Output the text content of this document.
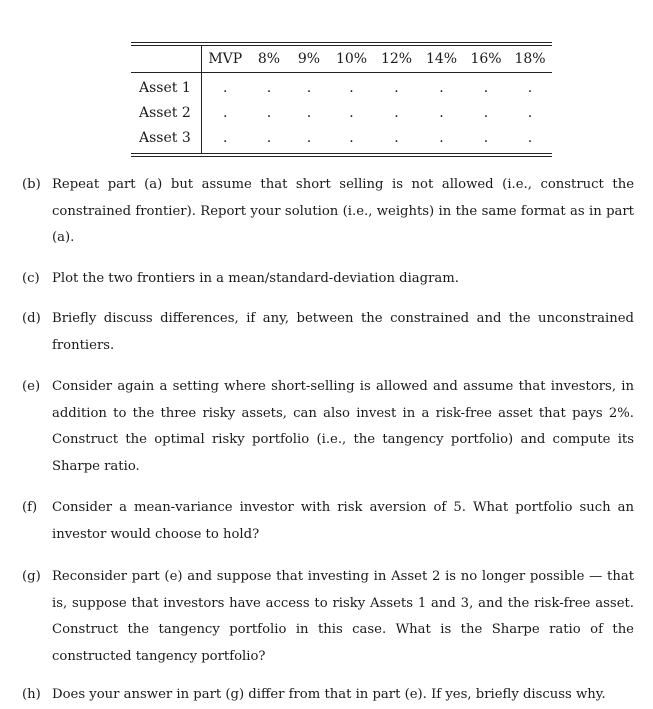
	MVP	8%	9%	10%	12%	14%	16%	18%

Asset 1	.	.	.	.	.	.	.	.
Asset 2	.	.	.	.	.	.	.	.
Asset 3	.	.	.	.	.	.	.	.
(b) Repeat part (a) but assume that short selling is not allowed (i.e., construct the constrained frontier). Report your solution (i.e., weights) in the same format as in part (a).
(c) Plot the two frontiers in a mean/standard-deviation diagram.
(d) Briefly discuss differences, if any, between the constrained and the unconstrained frontiers.
(e) Consider again a setting where short-selling is allowed and assume that investors, in addition to the three risky assets, can also invest in a risk-free asset that pays 2%. Construct the optimal risky portfolio (i.e., the tangency portfolio) and compute its Sharpe ratio.
(f)	Consider a mean-variance investor with risk aversion of 5. What portfolio such an investor would choose to hold?
(g) Reconsider part (e) and suppose that investing in Asset 2 is no longer possible — that is, suppose that investors have access to risky Assets 1 and 3, and the risk-free asset. Construct the tangency portfolio in this case. What is the Sharpe ratio of the constructed tangency portfolio?
(h) Does your answer in part (g) differ from that in part (e). If yes, briefly discuss why.
